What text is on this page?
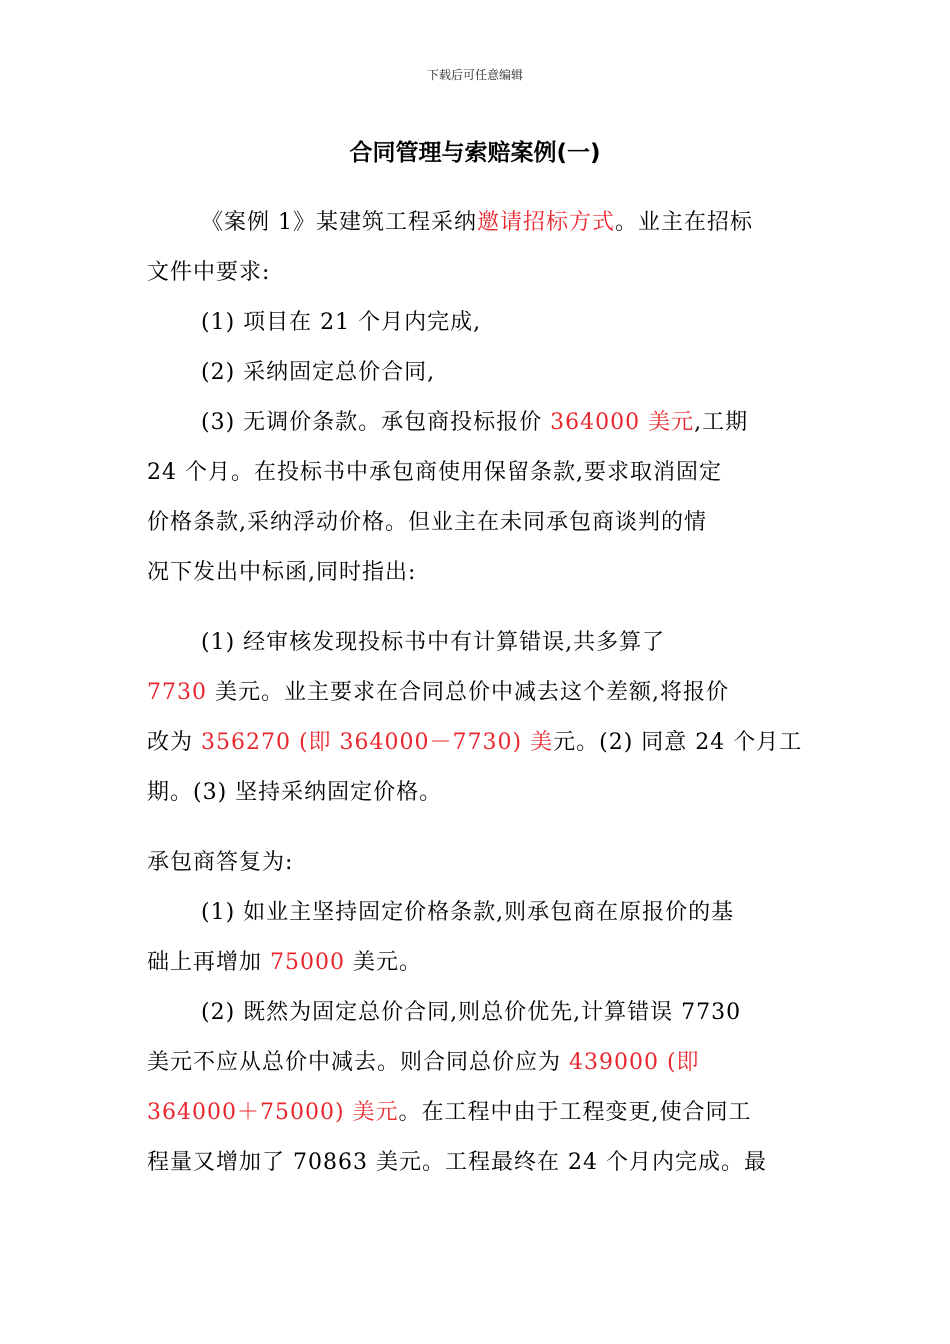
下载后可任意编辑
合同管理与索赔案例(一)
《案例 1》某建筑工程采纳邀请招标方式。业主在招标
文件中要求:
(1) 项目在 21 个月内完成,
(2) 采纳固定总价合同,
(3) 无调价条款。承包商投标报价 364000 美元,工期
24 个月。在投标书中承包商使用保留条款,要求取消固定
价格条款,采纳浮动价格。但业主在未同承包商谈判的情
况下发出中标函,同时指出:
(1) 经审核发现投标书中有计算错误,共多算了
7730 美元。业主要求在合同总价中减去这个差额,将报价
改为 356270 (即 364000－7730) 美元。(2) 同意 24 个月工
期。(3) 坚持采纳固定价格。
承包商答复为:
(1) 如业主坚持固定价格条款,则承包商在原报价的基
础上再增加 75000 美元。
(2) 既然为固定总价合同,则总价优先,计算错误 7730
美元不应从总价中减去。则合同总价应为 439000 (即
364000＋75000) 美元。在工程中由于工程变更,使合同工
程量又增加了 70863 美元。工程最终在 24 个月内完成。最
